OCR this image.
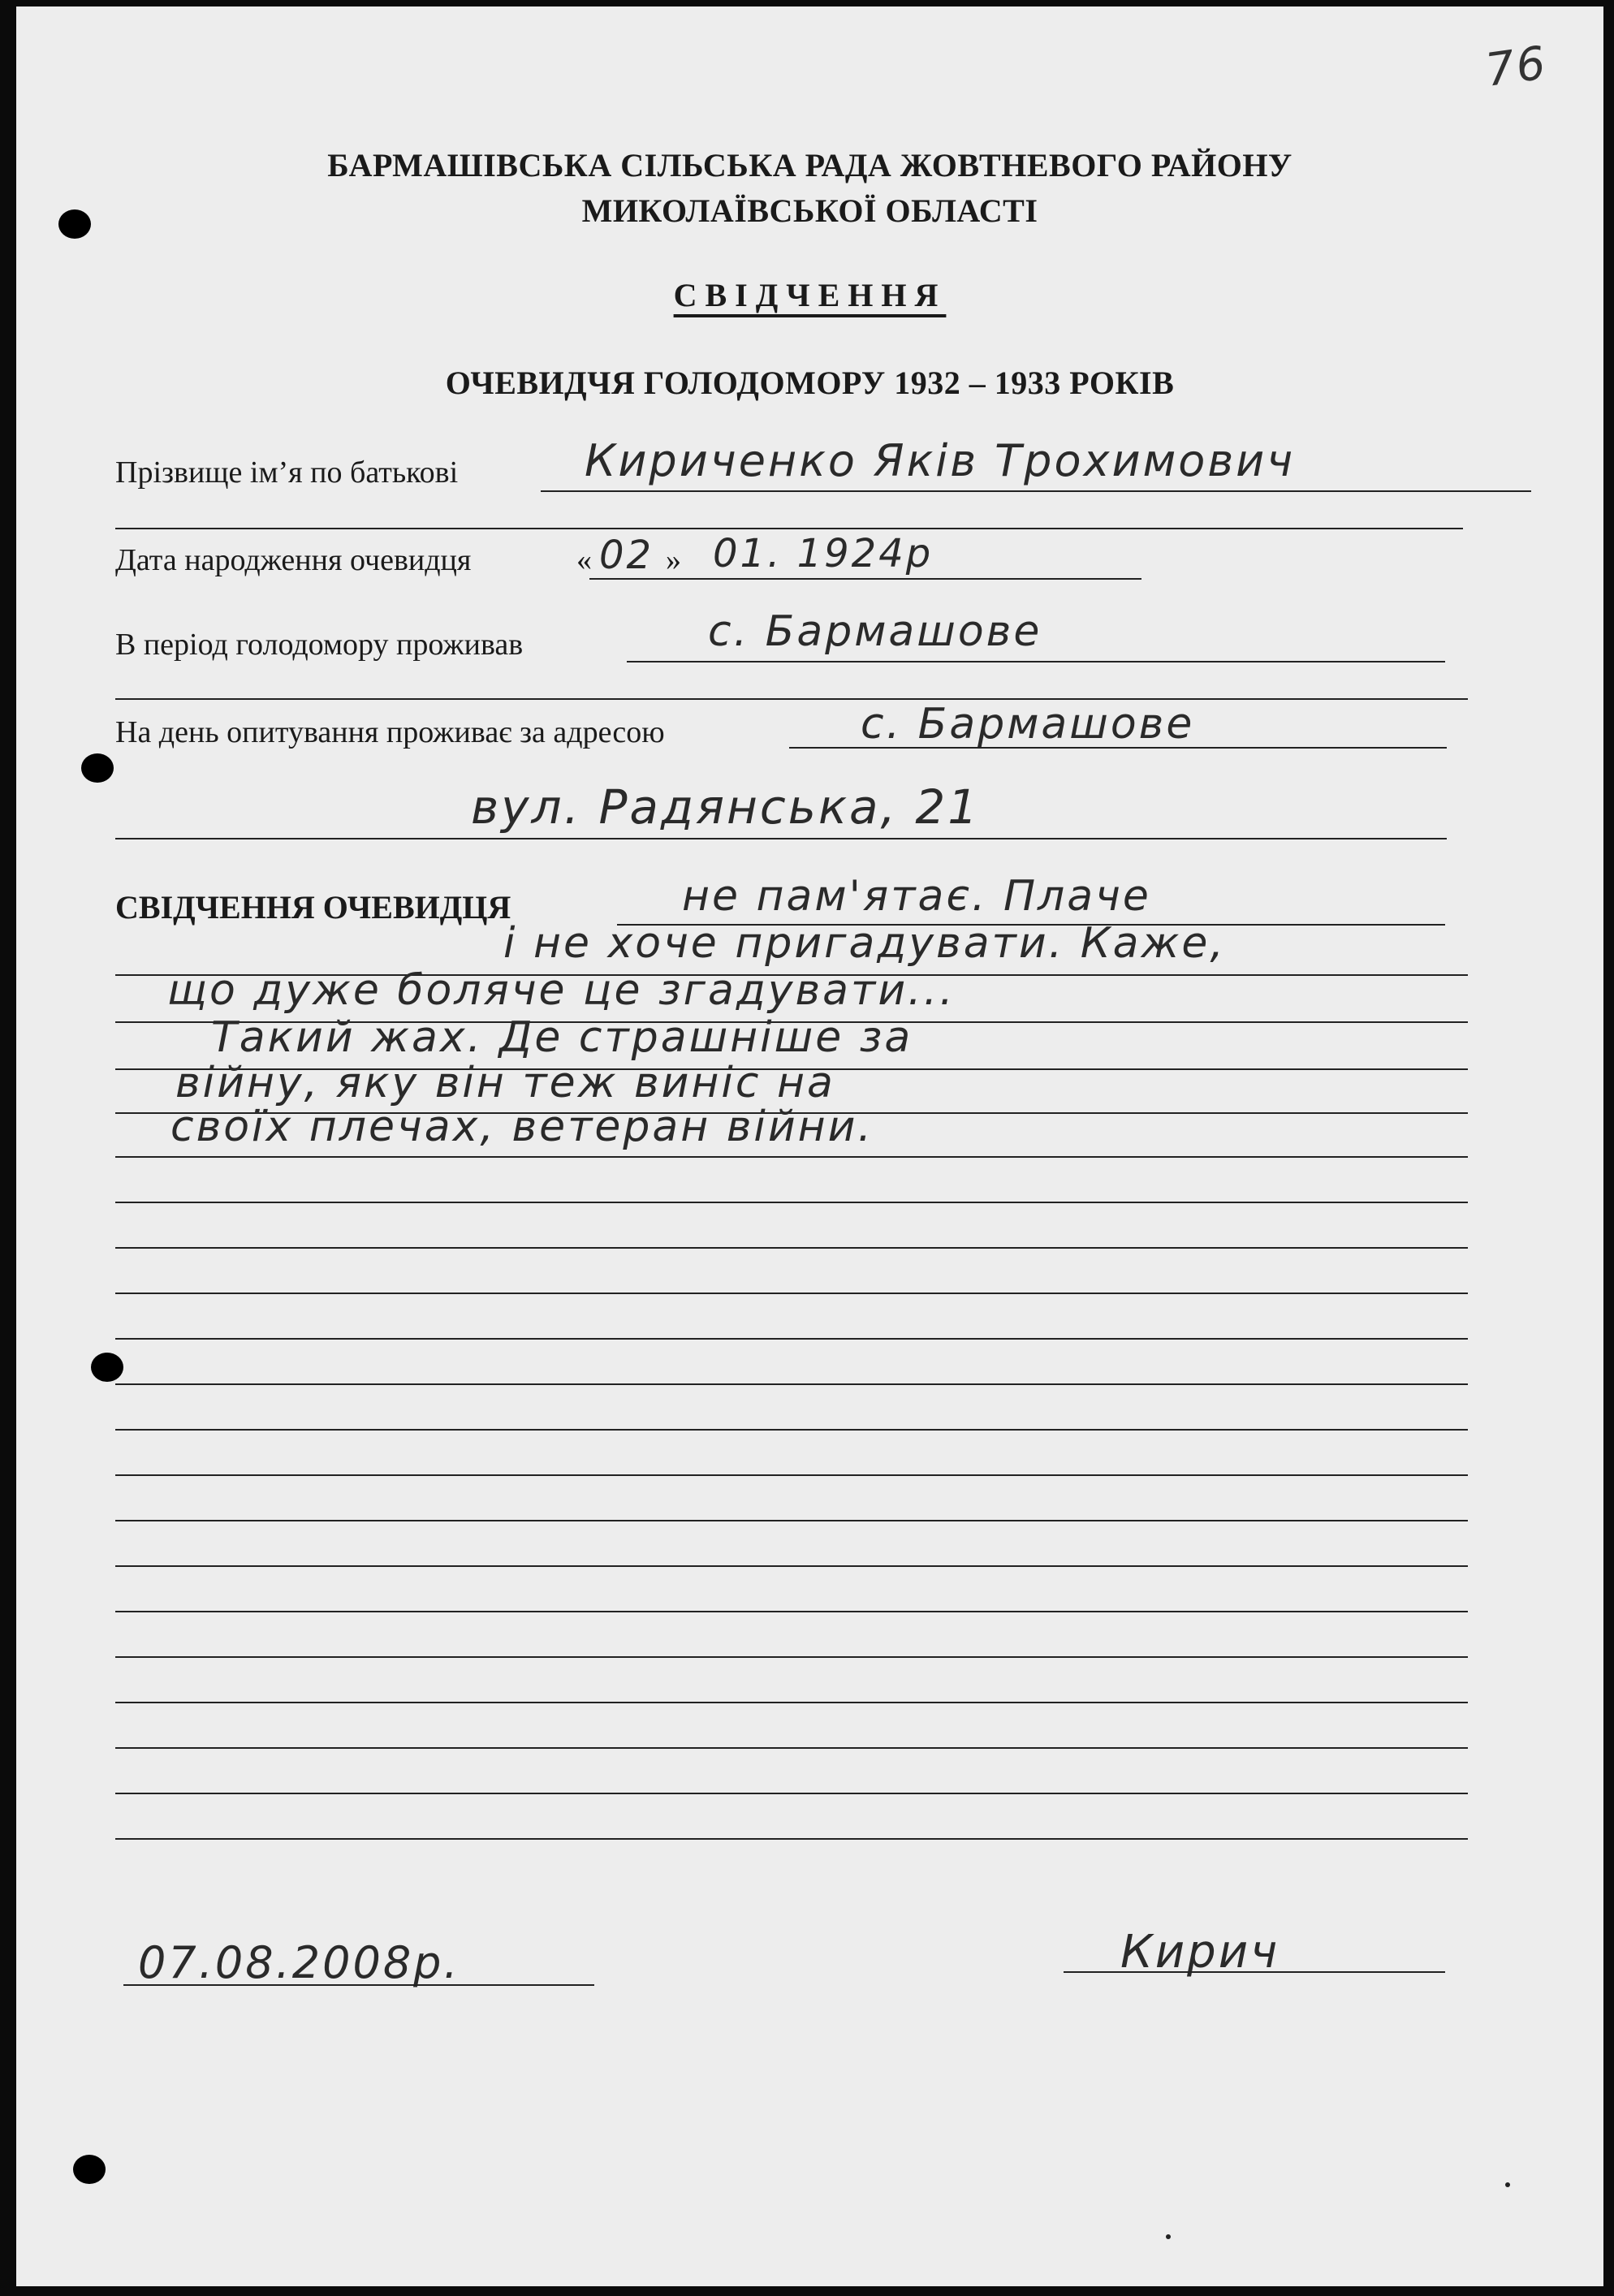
76
БАРМАШІВСЬКА СІЛЬСЬКА РАДА ЖОВТНЕВОГО РАЙОНУ
МИКОЛАЇВСЬКОЇ ОБЛАСТІ
СВІДЧЕННЯ
ОЧЕВИДЧЯ ГОЛОДОМОРУ 1932 – 1933 РОКІВ
Прізвище ім’я по батькові	Кириченко Яків Трохимович
Дата народження очевидця	« 02 » 01. 1924р
В період голодомору проживав	с. Бармашове
На день опитування проживає за адресою	с. Бармашове
вул. Радянська, 21
СВІДЧЕННЯ ОЧЕВИДЦЯ	не пам'ятає. Плаче
і не хоче пригадувати. Каже,
що дуже боляче це згадувати...
Такий жах. Де страшніше за
війну, яку він теж виніс на
своїх плечах, ветеран війни.
07.08.2008р.	Кирич
